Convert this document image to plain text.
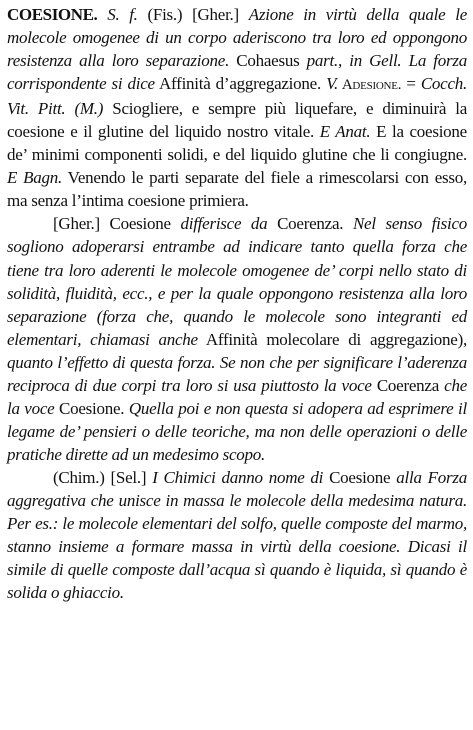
COESIONE. S. f. (Fis.) [Gher.] Azione in virtù della quale le molecole omogenee di un corpo aderiscono tra loro ed oppongono resistenza alla loro separazione. Cohaesus part., in Gell. La forza corrispondente si dice Affinità d’aggregazione. V. Adesione. = Cocch. Vit. Pitt. (M.) Sciogliere, e sempre più liquefare, e diminuirà la coesione e il glutine del liquido nostro vitale. E Anat. E la coesione de’ minimi componenti solidi, e del liquido glutine che li congiugne. E Bagn. Venendo le parti separate del fiele a rimescolarsi con esso, ma senza l’intima coesione primiera.

[Gher.] Coesione differisce da Coerenza. Nel senso fisico sogliono adoperarsi entrambe ad indicare tanto quella forza che tiene tra loro aderenti le molecole omogenee de’ corpi nello stato di solidità, fluidità, ecc., e per la quale oppongono resistenza alla loro separazione (forza che, quando le molecole sono integranti ed elementari, chiamasi anche Affinità molecolare di aggregazione), quanto l’effetto di questa forza. Se non che per significare l’aderenza reciproca di due corpi tra loro si usa piuttosto la voce Coerenza che la voce Coesione. Quella poi e non questa si adopera ad esprimere il legame de’ pensieri o delle teoriche, ma non delle operazioni o delle pratiche dirette ad un medesimo scopo.

(Chim.) [Sel.] I Chimici danno nome di Coesione alla Forza aggregativa che unisce in massa le molecole della medesima natura. Per es.: le molecole elementari del solfo, quelle composte del marmo, stanno insieme a formare massa in virtù della coesione. Dicasi il simile di quelle composte dall’acqua sì quando è liquida, sì quando è solida o ghiaccio.
